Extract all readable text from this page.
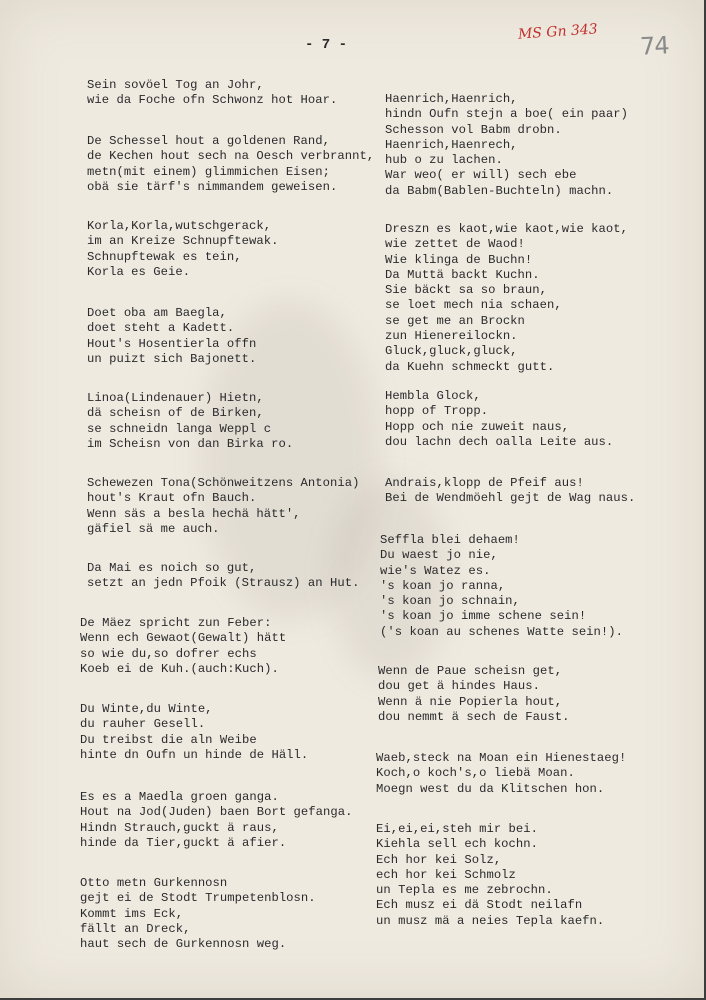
- 7 -
MS Gn 343 74
Sein sovöel Tog an Johr,
wie da Foche ofn Schwonz hot Hoar.
De Schessel hout a goldenen Rand,
de Kechen hout sech na Oesch verbrannt,
metn(mit einem) glimmichen Eisen;
obä sie tärf's nimmandem geweisen.
Korla,Korla,wutschgerack,
im an Kreize Schnupftewak.
Schnupftewak es tein,
Korla es Geie.
Doet oba am Baegla,
doet steht a Kadett.
Hout's Hosentierla offn
un puizt sich Bajonett.
Linoa(Lindenauer) Hietn,
dä scheisn of de Birken,
se schneidn langa Weppl c
im Scheisn von dan Birka ro.
Schewezen Tona(Schönweitzens Antonia)
hout's Kraut ofn Bauch.
Wenn säs a besla hechä hätt',
gäfiel sä me auch.
Da Mai es noich so gut,
setzt an jedn Pfoik (Strausz) an Hut.
De Mäez spricht zun Feber:
Wenn ech Gewaot(Gewalt) hätt
so wie du,so dofrer echs
Koeb ei de Kuh.(auch:Kuch).
Du Winte,du Winte,
du rauher Gesell.
Du treibst die aln Weibe
hinte dn Oufn un hinde de Häll.
Es es a Maedla groen ganga.
Hout na Jod(Juden) baen Bort gefanga.
Hindn Strauch,guckt ä raus,
hinde da Tier,guckt ä afier.
Otto metn Gurkennosn
gejt ei de Stodt Trumpetenblosn.
Kommt ims Eck,
fällt an Dreck,
haut sech de Gurkennosn weg.
Haenrich,Haenrich,
hindn Oufn stejn a boe( ein paar)
Schesson vol Babm drobn.
Haenrich,Haenrech,
hub o zu lachen.
War weo( er will) sech ebe
da Babm(Bablen-Buchteln) machn.
Dreszn es kaot,wie kaot,wie kaot,
wie zettet de Waod!
Wie klinga de Buchn!
Da Muttä backt Kuchn.
Sie bäckt sa so braun,
se loet mech nia schaen,
se get me an Brockn
zun Hienereilockn.
Gluck,gluck,gluck,
da Kuehn schmeckt gutt.
Hembla Glock,
hopp of Tropp.
Hopp och nie zuweit naus,
dou lachn dech oalla Leite aus.
Andrais,klopp de Pfeif aus!
Bei de Wendmöehl gejt de Wag naus.
Seffla blei dehaem!
Du waest jo nie,
wie's Watez es.
's koan jo ranna,
's koan jo schnain,
's koan jo imme schene sein!
('s koan au schenes Watte sein!).
Wenn de Paue scheisn get,
dou get ä hindes Haus.
Wenn ä nie Popierla hout,
dou nemmt ä sech de Faust.
Waeb,steck na Moan ein Hienestaeg!
Koch,o koch's,o liebä Moan.
Moegn west du da Klitschen hon.
Ei,ei,ei,steh mir bei.
Kiehla sell ech kochn.
Ech hor kei Solz,
ech hor kei Schmolz
un Tepla es me zebrochn.
Ech musz ei dä Stodt neilafn
un musz mä a neies Tepla kaefn.
